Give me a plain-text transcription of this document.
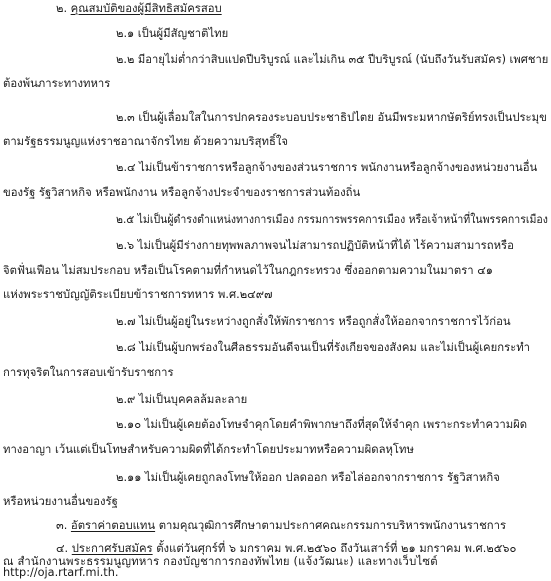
๒. คุณสมบัติของผู้มีสิทธิสมัครสอบ
๒.๑ เป็นผู้มีสัญชาติไทย
๒.๒ มีอายุไม่ต่ำกว่าสิบแปดปีบริบูรณ์ และไม่เกิน ๓๕ ปีบริบูรณ์ (นับถึงวันรับสมัคร) เพศชาย
ต้องพ้นภาระทางทหาร
๒.๓ เป็นผู้เลื่อมใสในการปกครองระบอบประชาธิปไตย อันมีพระมหากษัตริย์ทรงเป็นประมุข
ตามรัฐธรรมนูญแห่งราชอาณาจักรไทย ด้วยความบริสุทธิ์ใจ
๒.๔ ไม่เป็นข้าราชการหรือลูกจ้างของส่วนราชการ พนักงานหรือลูกจ้างของหน่วยงานอื่น
ของรัฐ รัฐวิสาหกิจ หรือพนักงาน หรือลูกจ้างประจำของราชการส่วนท้องถิ่น
๒.๕ ไม่เป็นผู้ดำรงตำแหน่งทางการเมือง กรรมการพรรคการเมือง หรือเจ้าหน้าที่ในพรรคการเมือง
๒.๖ ไม่เป็นผู้มีร่างกายทุพพลภาพจนไม่สามารถปฏิบัติหน้าที่ได้ ไร้ความสามารถหรือ
จิตฟั่นเฟือน ไม่สมประกอบ หรือเป็นโรคตามที่กำหนดไว้ในกฎกระทรวง ซึ่งออกตามความในมาตรา ๔๑
แห่งพระราชบัญญัติระเบียบข้าราชการทหาร พ.ศ.๒๔๙๗
๒.๗ ไม่เป็นผู้อยู่ในระหว่างถูกสั่งให้พักราชการ หรือถูกสั่งให้ออกจากราชการไว้ก่อน
๒.๘ ไม่เป็นผู้บกพร่องในศีลธรรมอันดีจนเป็นที่รังเกียจของสังคม และไม่เป็นผู้เคยกระทำ
การทุจริตในการสอบเข้ารับราชการ
๒.๙ ไม่เป็นบุคคลล้มละลาย
๒.๑๐ ไม่เป็นผู้เคยต้องโทษจำคุกโดยคำพิพากษาถึงที่สุดให้จำคุก เพราะกระทำความผิด
ทางอาญา เว้นแต่เป็นโทษสำหรับความผิดที่ได้กระทำโดยประมาทหรือความผิดลหุโทษ
๒.๑๑ ไม่เป็นผู้เคยถูกลงโทษให้ออก ปลดออก หรือไล่ออกจากราชการ รัฐวิสาหกิจ
หรือหน่วยงานอื่นของรัฐ
๓. อัตราค่าตอบแทน ตามคุณวุฒิการศึกษาตามประกาศคณะกรรมการบริหารพนักงานราชการ
๔. ประกาศรับสมัคร ตั้งแต่วันศุกร์ที่ ๖ มกราคม พ.ศ.๒๕๖๐ ถึงวันเสาร์ที่ ๒๑ มกราคม พ.ศ.๒๕๖๐
ณ สำนักงานพระธรรมนูญทหาร กองบัญชาการกองทัพไทย (แจ้งวัฒนะ) และทางเว็บไซต์
http://oja.rtarf.mi.th.
